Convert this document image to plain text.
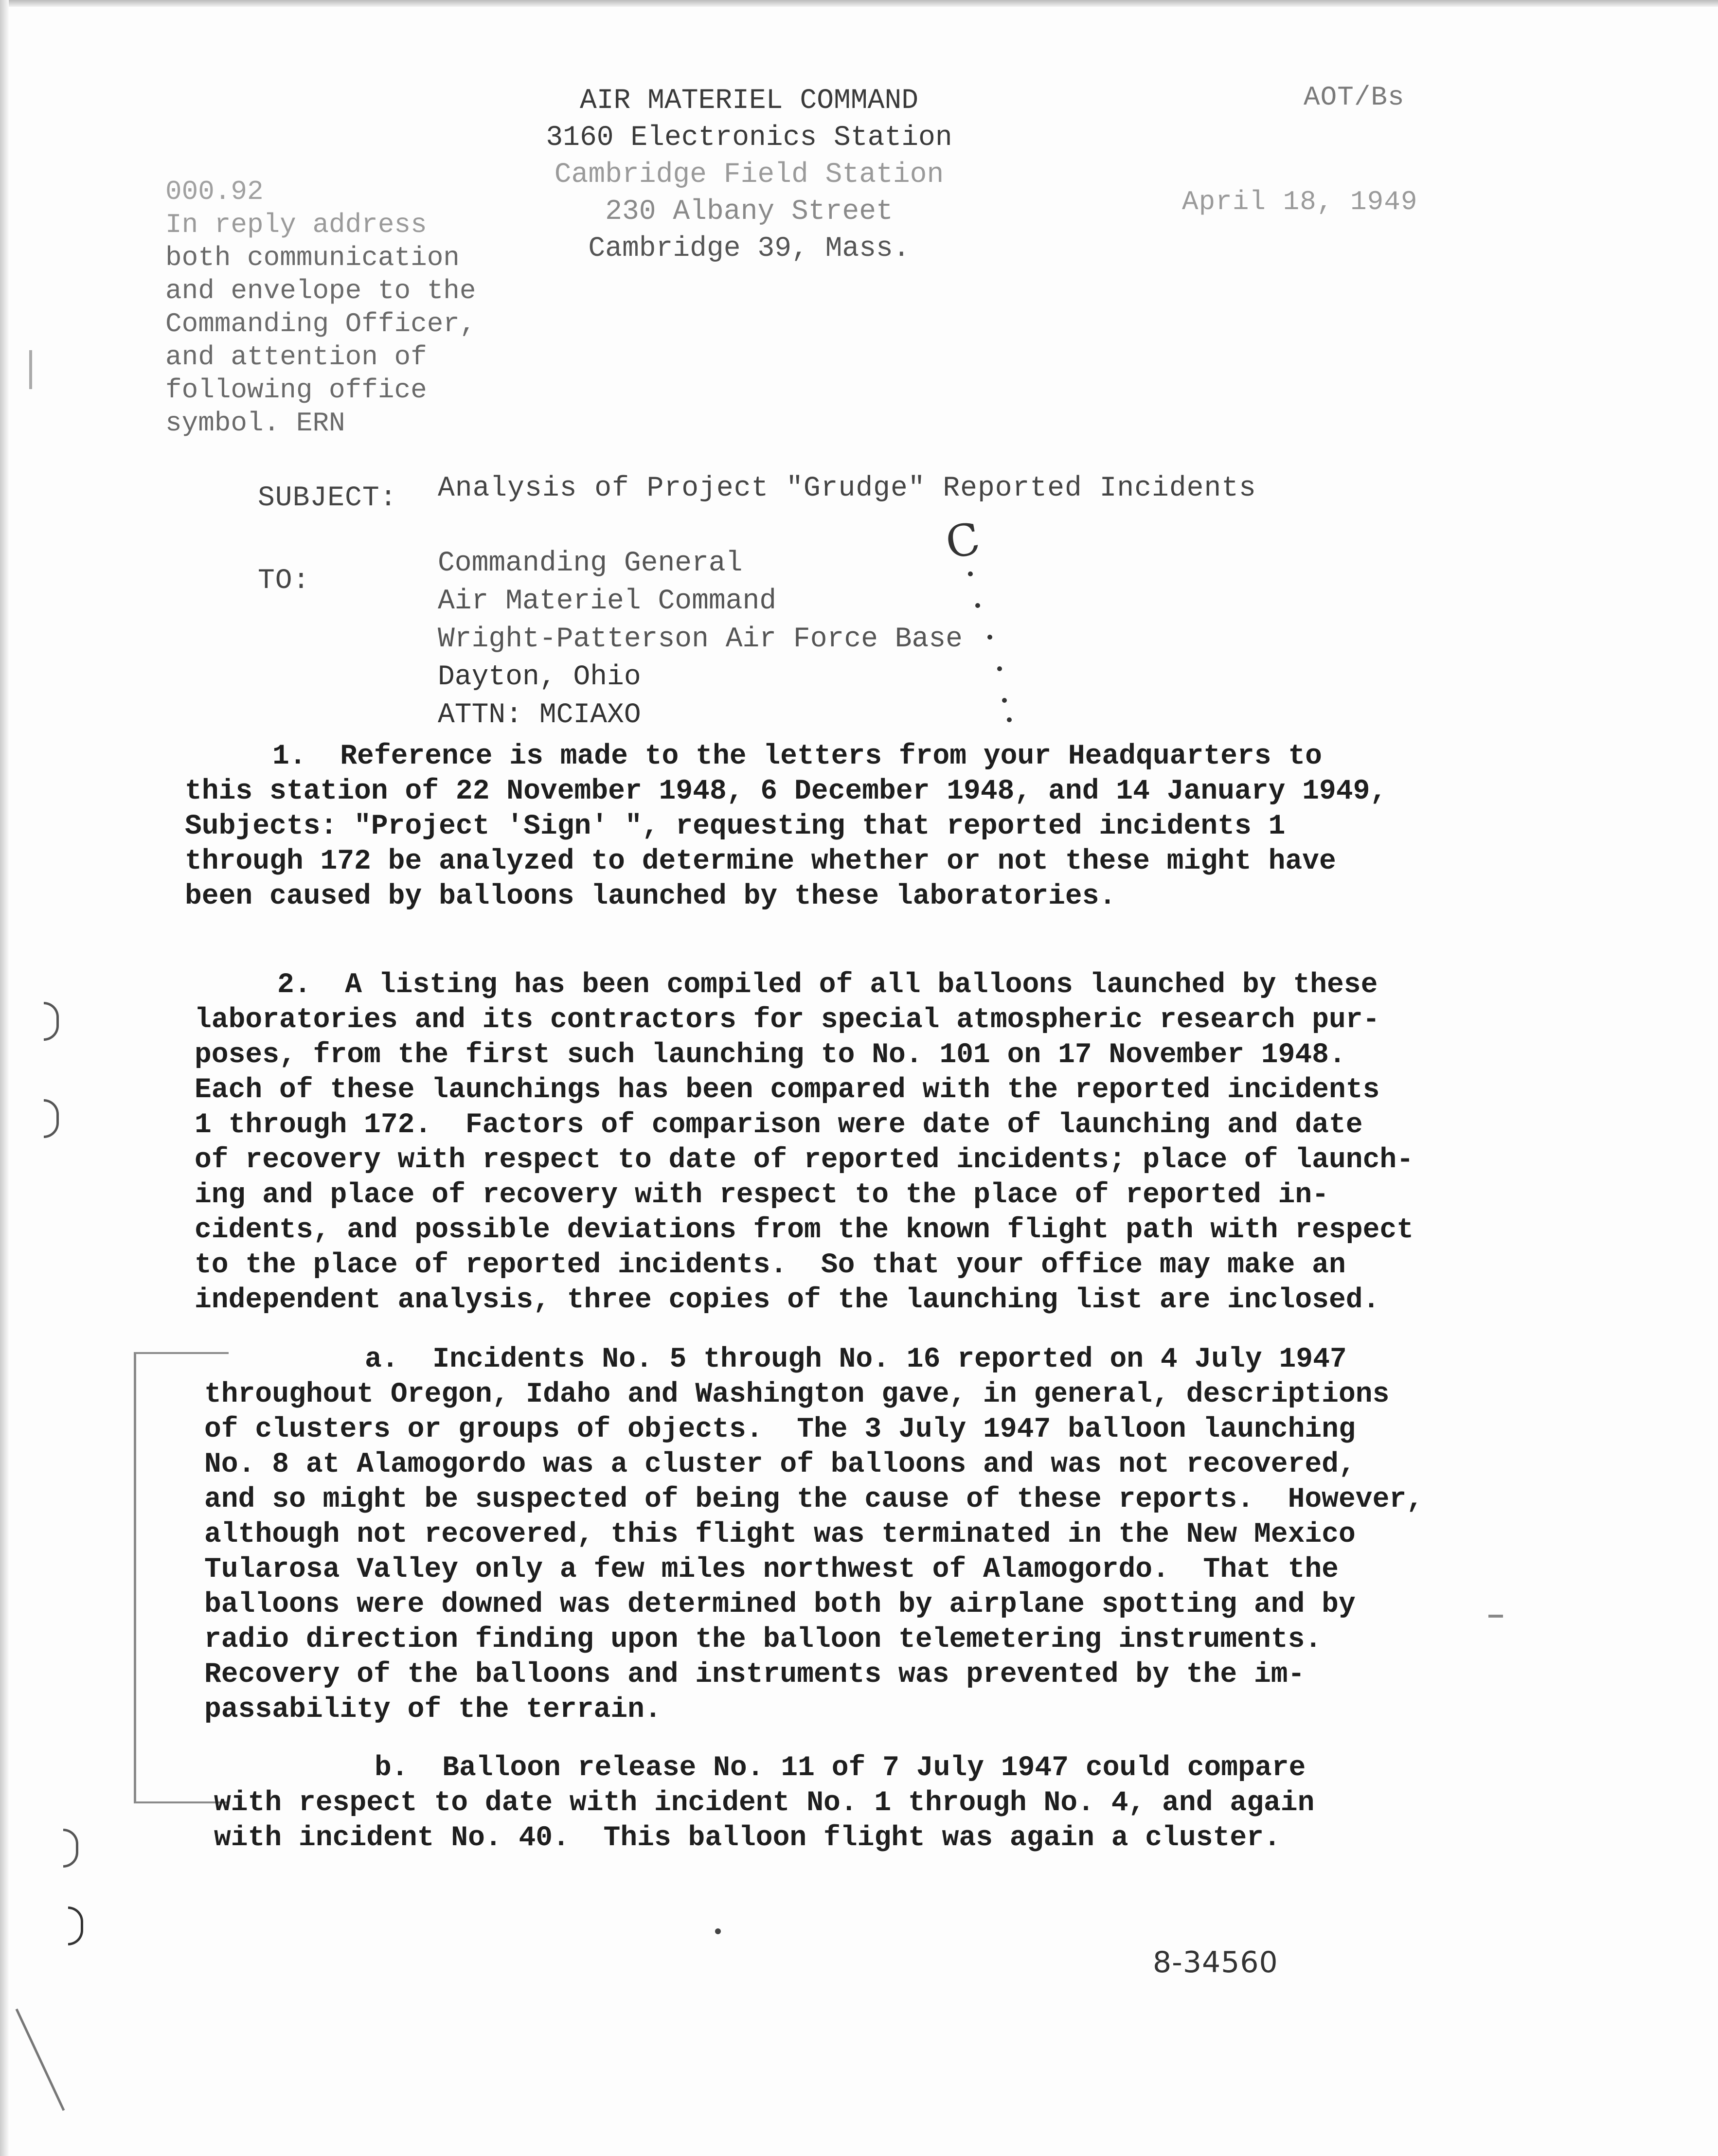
AOT/Bs
AIR MATERIEL COMMAND
3160 Electronics Station
Cambridge Field Station
230 Albany Street
Cambridge 39, Mass.
April 18, 1949
000.92
In reply address
both communication
and envelope to the
Commanding Officer,
and attention of
following office
symbol. ERN
SUBJECT: Analysis of Project "Grudge" Reported Incidents
TO:
Commanding General
Air Materiel Command
Wright-Patterson Air Force Base
Dayton, Ohio
ATTN: MCIAXO
C
1.  Reference is made to the letters from your Headquarters to
this station of 22 November 1948, 6 December 1948, and 14 January 1949,
Subjects: "Project 'Sign' ", requesting that reported incidents 1
through 172 be analyzed to determine whether or not these might have
been caused by balloons launched by these laboratories.
2.  A listing has been compiled of all balloons launched by these
laboratories and its contractors for special atmospheric research pur-
poses, from the first such launching to No. 101 on 17 November 1948.
Each of these launchings has been compared with the reported incidents
1 through 172.  Factors of comparison were date of launching and date
of recovery with respect to date of reported incidents; place of launch-
ing and place of recovery with respect to the place of reported in-
cidents, and possible deviations from the known flight path with respect
to the place of reported incidents.  So that your office may make an
independent analysis, three copies of the launching list are inclosed.
a.  Incidents No. 5 through No. 16 reported on 4 July 1947
throughout Oregon, Idaho and Washington gave, in general, descriptions
of clusters or groups of objects.  The 3 July 1947 balloon launching
No. 8 at Alamogordo was a cluster of balloons and was not recovered,
and so might be suspected of being the cause of these reports.  However,
although not recovered, this flight was terminated in the New Mexico
Tularosa Valley only a few miles northwest of Alamogordo.  That the
balloons were downed was determined both by airplane spotting and by
radio direction finding upon the balloon telemetering instruments.
Recovery of the balloons and instruments was prevented by the im-
passability of the terrain.
b.  Balloon release No. 11 of 7 July 1947 could compare
with respect to date with incident No. 1 through No. 4, and again
with incident No. 40.  This balloon flight was again a cluster.
8-34560
